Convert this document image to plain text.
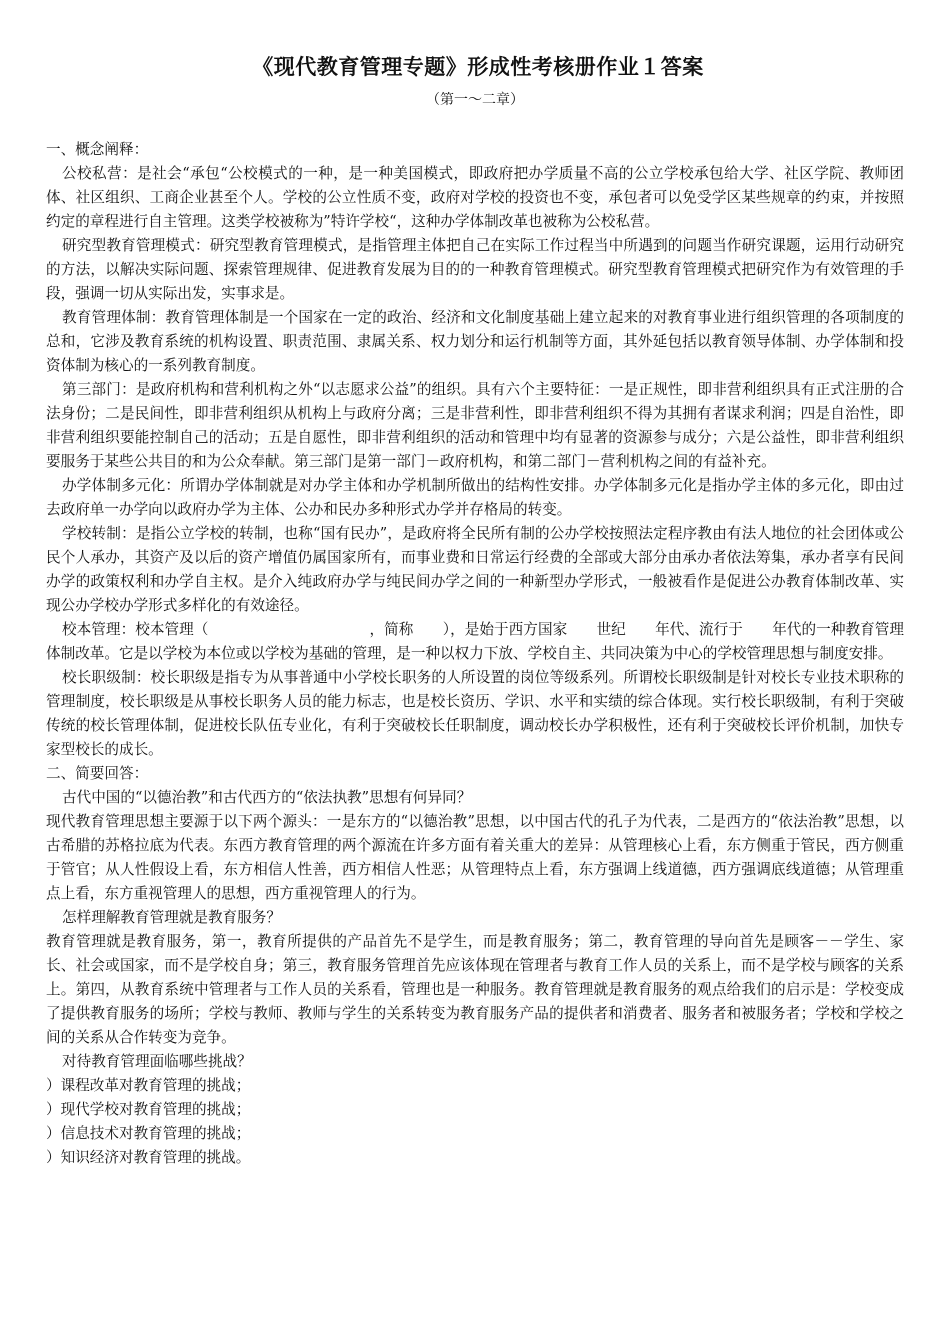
《现代教育管理专题》形成性考核册作业１答案
（第一～二章）

一、概念阐释：

公校私营：是社会“承包“公校模式的一种，是一种美国模式，即政府把办学质量不高的公立学校承包给大学、社区学院、教师团体、社区组织、工商企业甚至个人。学校的公立性质不变，政府对学校的投资也不变，承包者可以免受学区某些规章的约束，并按照约定的章程进行自主管理。这类学校被称为”特许学校“，这种办学体制改革也被称为公校私营。

研究型教育管理模式：研究型教育管理模式，是指管理主体把自己在实际工作过程当中所遇到的问题当作研究课题，运用行动研究的方法，以解决实际问题、探索管理规律、促进教育发展为目的的一种教育管理模式。研究型教育管理模式把研究作为有效管理的手段，强调一切从实际出发，实事求是。

教育管理体制：教育管理体制是一个国家在一定的政治、经济和文化制度基础上建立起来的对教育事业进行组织管理的各项制度的总和，它涉及教育系统的机构设置、职责范围、隶属关系、权力划分和运行机制等方面，其外延包括以教育领导体制、办学体制和投资体制为核心的一系列教育制度。

第三部门：是政府机构和营利机构之外“以志愿求公益”的组织。具有六个主要特征：一是正规性，即非营利组织具有正式注册的合法身份；二是民间性，即非营利组织从机构上与政府分离；三是非营利性，即非营利组织不得为其拥有者谋求利润；四是自治性，即非营利组织要能控制自己的活动；五是自愿性，即非营利组织的活动和管理中均有显著的资源参与成分；六是公益性，即非营利组织要服务于某些公共目的和为公众奉献。第三部门是第一部门－政府机构，和第二部门－营利机构之间的有益补充。

办学体制多元化：所谓办学体制就是对办学主体和办学机制所做出的结构性安排。办学体制多元化是指办学主体的多元化，即由过去政府单一办学向以政府办学为主体、公办和民办多种形式办学并存格局的转变。

学校转制：是指公立学校的转制，也称“国有民办”，是政府将全民所有制的公办学校按照法定程序教由有法人地位的社会团体或公民个人承办，其资产及以后的资产增值仍属国家所有，而事业费和日常运行经费的全部或大部分由承办者依法筹集，承办者享有民间办学的政策权利和办学自主权。是介入纯政府办学与纯民间办学之间的一种新型办学形式，一般被看作是促进公办教育体制改革、实现公办学校办学形式多样化的有效途径。

校本管理：校本管理（　　　　　　　　　　　，简称　　），是始于西方国家　　世纪　　年代、流行于　　年代的一种教育管理体制改革。它是以学校为本位或以学校为基础的管理，是一种以权力下放、学校自主、共同决策为中心的学校管理思想与制度安排。

校长职级制：校长职级是指专为从事普通中小学校长职务的人所设置的岗位等级系列。所谓校长职级制是针对校长专业技术职称的管理制度，校长职级是从事校长职务人员的能力标志，也是校长资历、学识、水平和实绩的综合体现。实行校长职级制，有利于突破传统的校长管理体制，促进校长队伍专业化，有利于突破校长任职制度，调动校长办学积极性，还有利于突破校长评价机制，加快专家型校长的成长。

二、简要回答：

古代中国的“以德治教”和古代西方的“依法执教”思想有何异同？

现代教育管理思想主要源于以下两个源头：一是东方的“以德治教”思想，以中国古代的孔子为代表，二是西方的“依法治教”思想，以古希腊的苏格拉底为代表。东西方教育管理的两个源流在许多方面有着关重大的差异：从管理核心上看，东方侧重于管民，西方侧重于管官；从人性假设上看，东方相信人性善，西方相信人性恶；从管理特点上看，东方强调上线道德，西方强调底线道德；从管理重点上看，东方重视管理人的思想，西方重视管理人的行为。

怎样理解教育管理就是教育服务？

教育管理就是教育服务，第一，教育所提供的产品首先不是学生，而是教育服务；第二，教育管理的导向首先是顾客－－学生、家长、社会或国家，而不是学校自身；第三，教育服务管理首先应该体现在管理者与教育工作人员的关系上，而不是学校与顾客的关系上。第四，从教育系统中管理者与工作人员的关系看，管理也是一种服务。教育管理就是教育服务的观点给我们的启示是：学校变成了提供教育服务的场所；学校与教师、教师与学生的关系转变为教育服务产品的提供者和消费者、服务者和被服务者；学校和学校之间的关系从合作转变为竞争。

对待教育管理面临哪些挑战？

）课程改革对教育管理的挑战；

）现代学校对教育管理的挑战；

）信息技术对教育管理的挑战；

）知识经济对教育管理的挑战。
